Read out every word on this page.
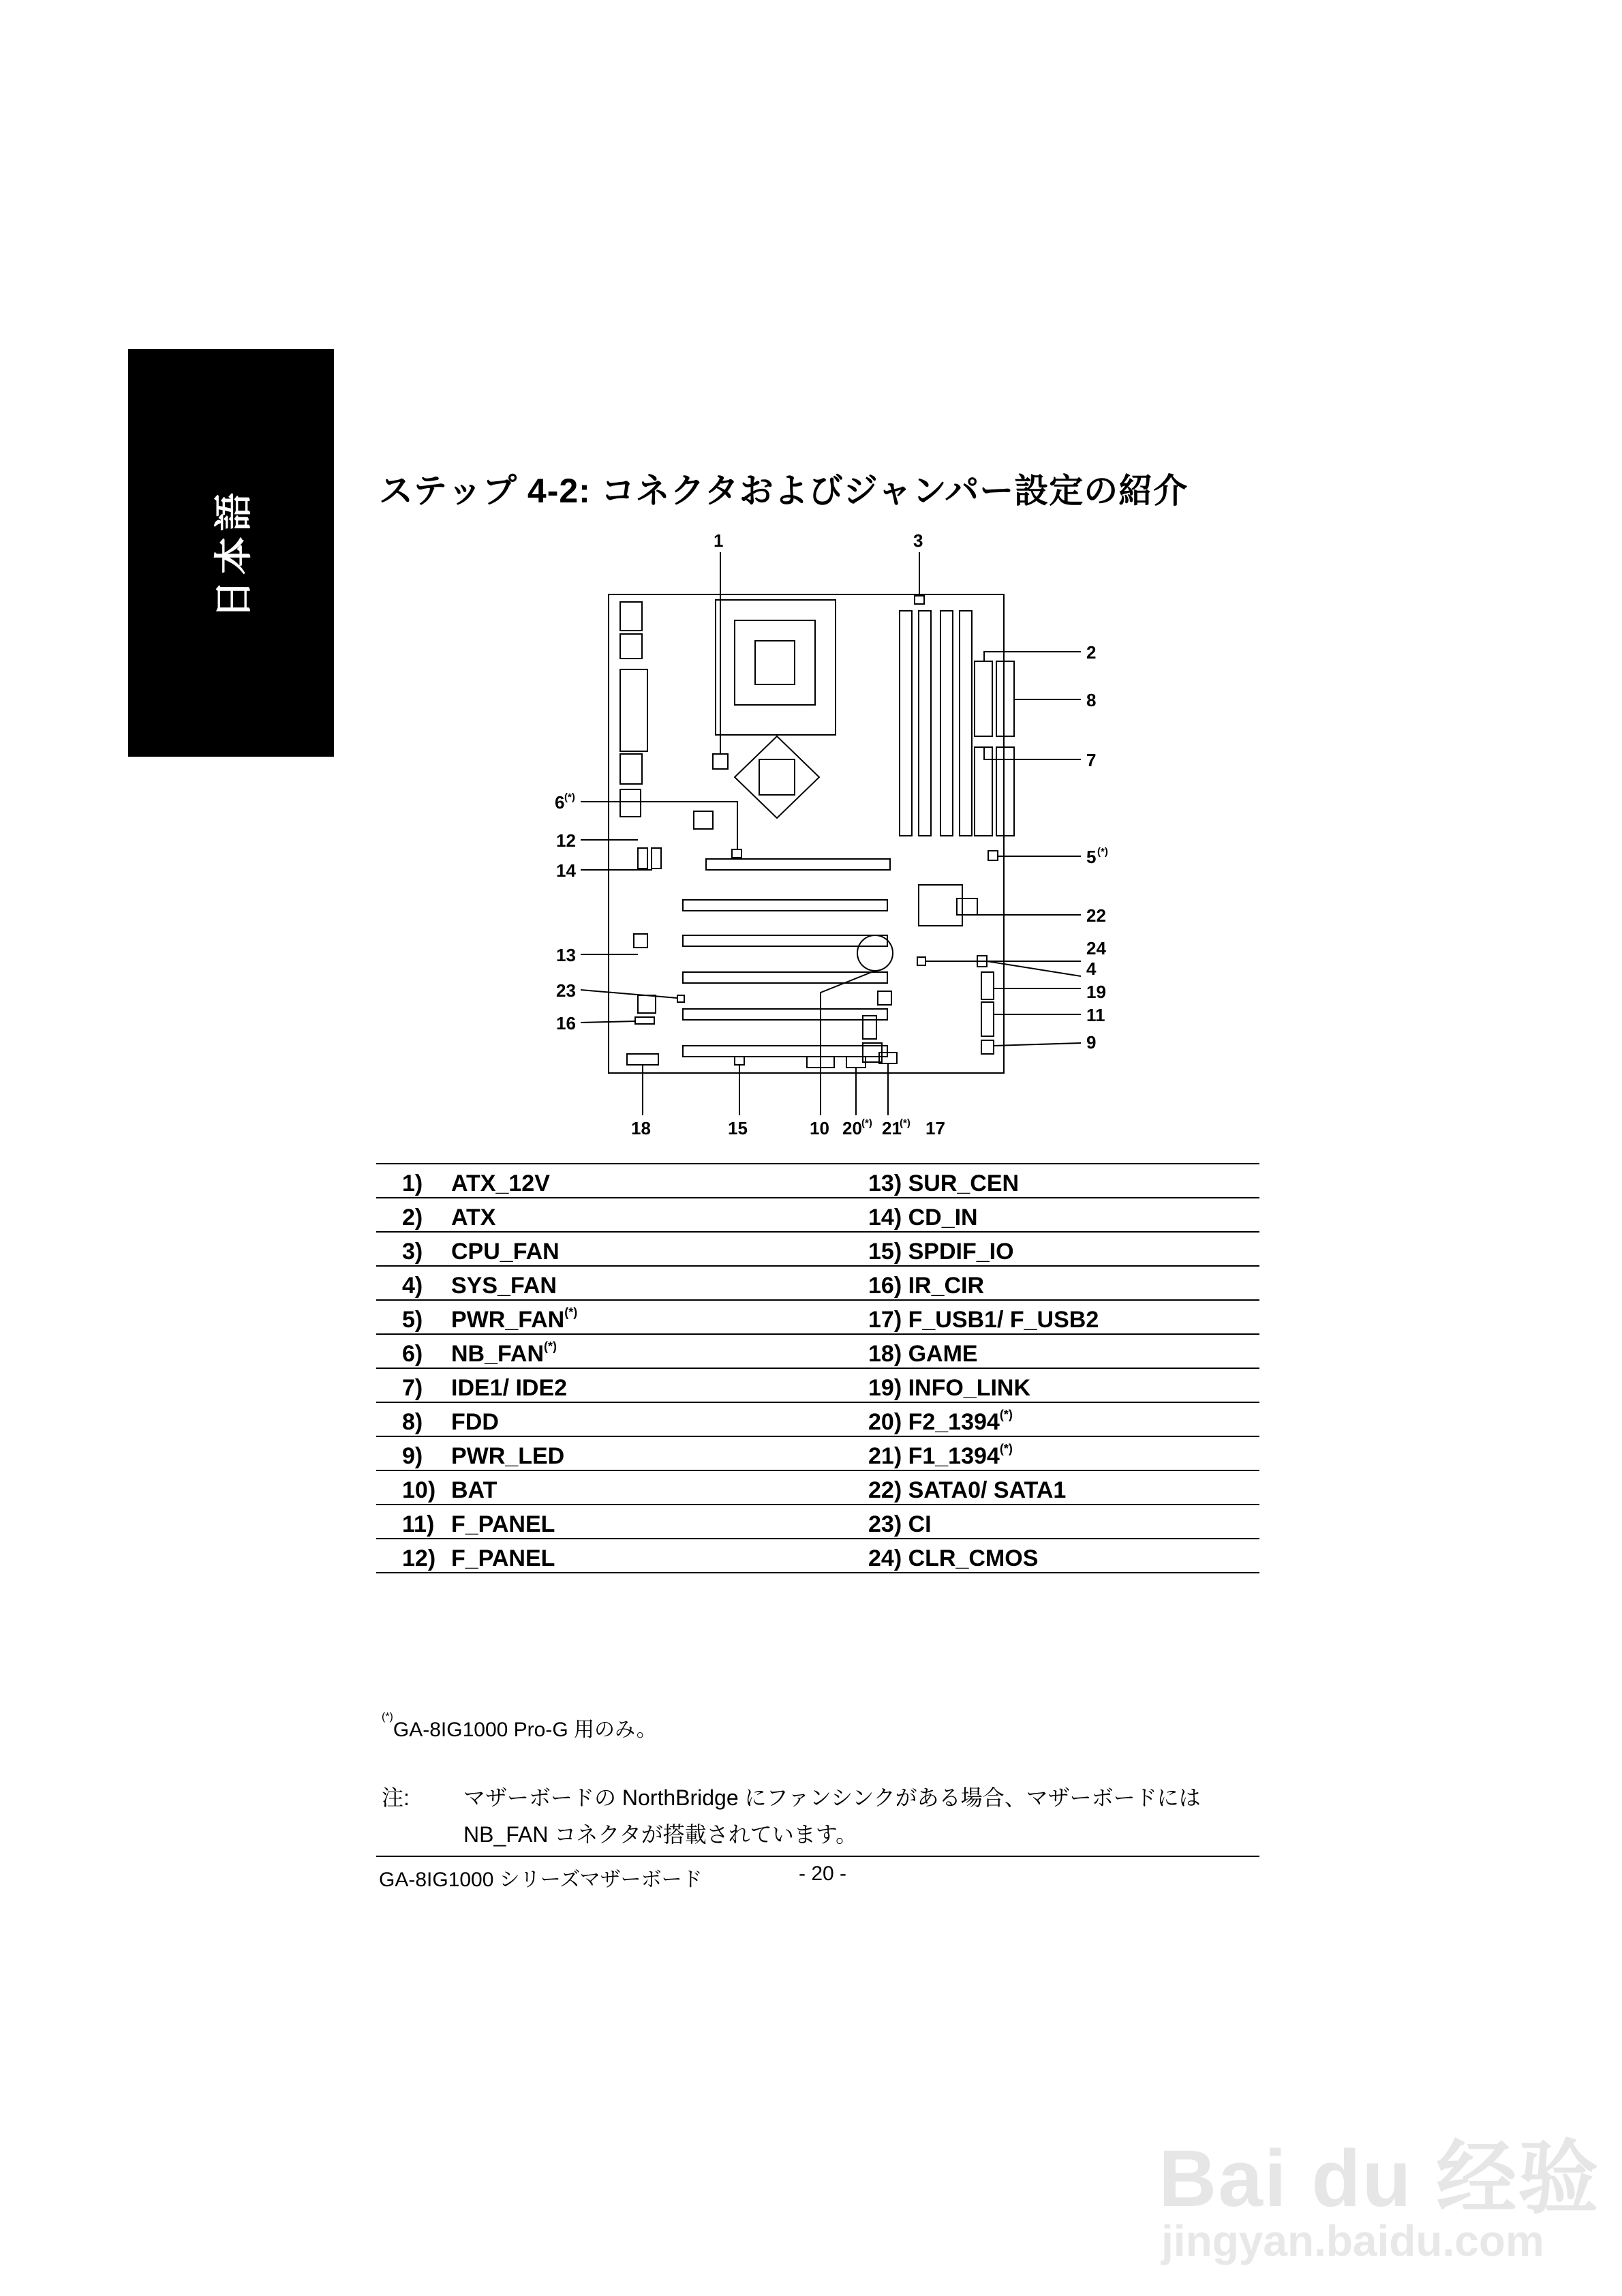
日本語	ステップ 4-2: コネクタおよびジャンパー設定の紹介
1	3
2
8
7
5 (*)
6 (*)
12
14
22
24
4
19
11
9
13
23
16
18	15	10 20 (*) 21
(*) 17
1) ATX_12V	13) SUR_CEN
2) ATX	14) CD_IN
3) CPU_FAN	15) SPDIF_IO
4) SYS_FAN	16) IR_CIR
5) PWR_FAN(*)	17) F_USB1/ F_USB2
6) NB_FAN(*)	18) GAME
7) IDE1/ IDE2	19) INFO_LINK
8) FDD	20) F2_1394(*)
9) PWR_LED	21) F1_1394(*)
10) BAT	22) SATA0/ SATA1
11) F_PANEL	23) CI
12) F_PANEL	24) CLR_CMOS
(*)GA-8IG1000 Pro-G 用のみ。
注: マザーボードの NorthBridge にファンシンクがある場合、マザーボードには
NB_FAN コネクタが搭載されています。
GA-8IG1000 シリーズマザーボード	- 20 -
Bai du 经验
jingyan.baidu.com
